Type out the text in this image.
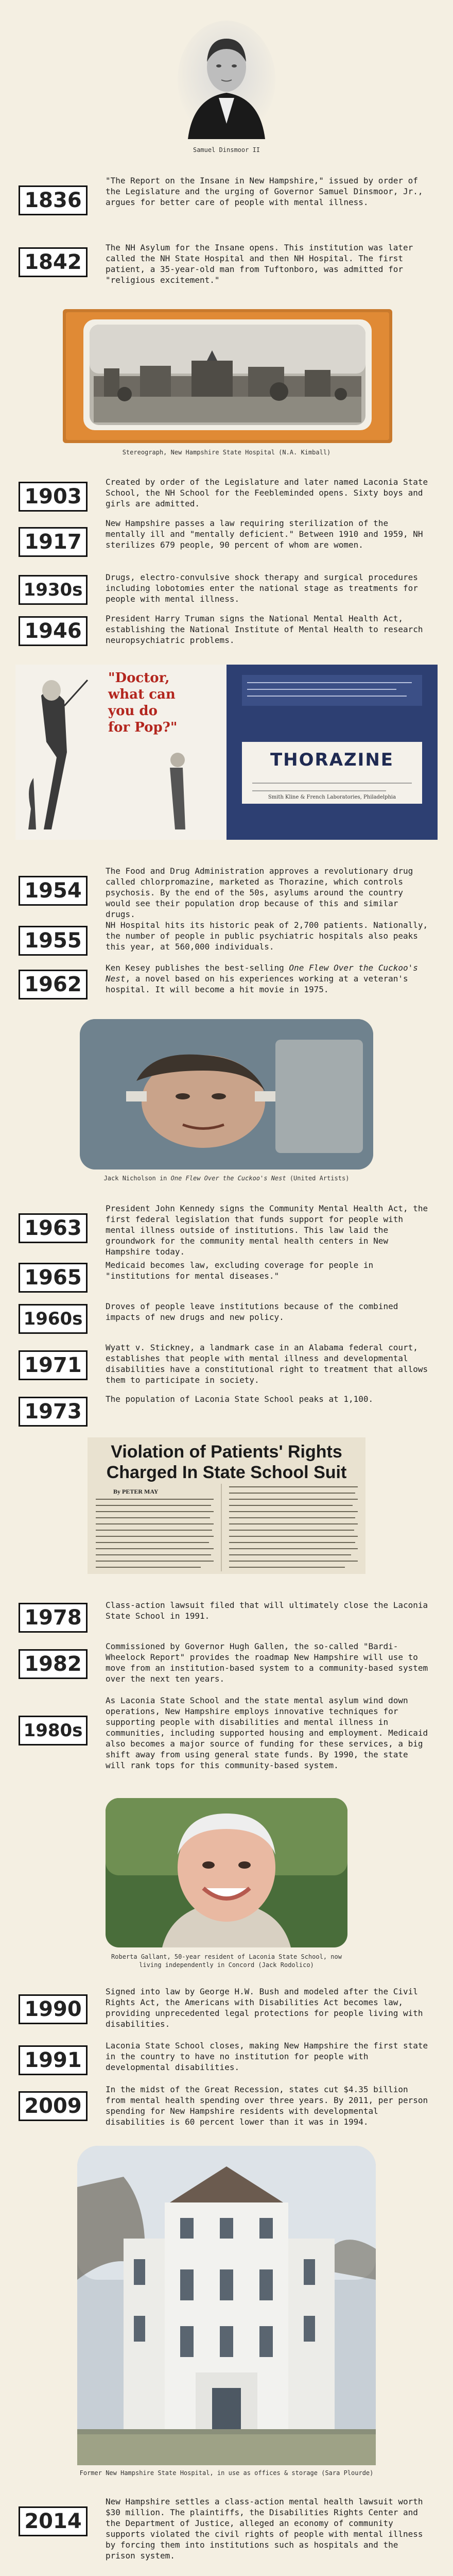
Samuel Dinsmoor II
1836
"The Report on the Insane in New Hampshire," issued by order of the Legislature and the urging of Governor Samuel Dinsmoor, Jr., argues for better care of people with mental illness.
1842
The NH Asylum for the Insane opens. This institution was later called the NH State Hospital and then NH Hospital. The first patient, a 35-year-old man from Tuftonboro, was admitted for "religious excitement."
Stereograph, New Hampshire State Hospital (N.A. Kimball)
1903
Created by order of the Legislature and later named Laconia State School, the NH School for the Feebleminded opens. Sixty boys and girls are admitted.
1917
New Hampshire passes a law requiring sterilization of the mentally ill and "mentally deficient." Between 1910 and 1959, NH sterilizes 679 people, 90 percent of whom are women.
1930s
Drugs, electro-convulsive shock therapy and surgical procedures including lobotomies enter the national stage as treatments for people with mental illness.
1946
President Harry Truman signs the National Mental Health Act, establishing the National Institute of Mental Health to research neuropsychiatric problems.
"Doctor,
what can
you do
for Pop?"
THORAZINE
Smith Kline & French Laboratories, Philadelphia
1954
The Food and Drug Administration approves a revolutionary drug called chlorpromazine, marketed as Thorazine, which controls psychosis. By the end of the 50s, asylums around the country would see their population drop because of this and similar drugs.
1955
NH Hospital hits its historic peak of 2,700 patients. Nationally, the number of people in public psychiatric hospitals also peaks this year, at 560,000 individuals.
1962
Ken Kesey publishes the best-selling One Flew Over the Cuckoo's Nest, a novel based on his experiences working at a veteran's hospital. It will become a hit movie in 1975.
Jack Nicholson in One Flew Over the Cuckoo's Nest (United Artists)
1963
President John Kennedy signs the Community Mental Health Act, the first federal legislation that funds support for people with mental illness outside of institutions. This law laid the groundwork for the community mental health centers in New Hampshire today.
1965
Medicaid becomes law, excluding coverage for people in "institutions for mental diseases."
1960s
Droves of people leave institutions because of the combined impacts of new drugs and new policy.
1971
Wyatt v. Stickney, a landmark case in an Alabama federal court, establishes that people with mental illness and developmental disabilities have a constitutional right to treatment that allows them to participate in society.
1973
The population of Laconia State School peaks at 1,100.
Violation of Patients' Rights
Charged In State School Suit
By PETER MAY
1978
Class-action lawsuit filed that will ultimately close the Laconia State School in 1991.
1982
Commissioned by Governor Hugh Gallen, the so-called "Bardi-Wheelock Report" provides the roadmap New Hampshire will use to move from an institution-based system to a community-based system over the next ten years.
1980s
As Laconia State School and the state mental asylum wind down operations, New Hampshire employs innovative techniques for supporting people with disabilities and mental illness in communities, including supported housing and employment. Medicaid also becomes a major source of funding for these services, a big shift away from using general state funds. By 1990, the state will rank tops for this community-based system.
Roberta Gallant, 50-year resident of Laconia State School, now living independently in Concord (Jack Rodolico)
1990
Signed into law by George H.W. Bush and modeled after the Civil Rights Act, the Americans with Disabilities Act becomes law, providing unprecedented legal protections for people living with disabilities.
1991
Laconia State School closes, making New Hampshire the first state in the country to have no institution for people with developmental disabilities.
2009
In the midst of the Great Recession, states cut $4.35 billion from mental health spending over three years. By 2011, per person spending for New Hampshire residents with developmental disabilities is 60 percent lower than it was in 1994.
Former New Hampshire State Hospital, in use as offices & storage (Sara Plourde)
2014
New Hampshire settles a class-action mental health lawsuit worth $30 million. The plaintiffs, the Disabilities Rights Center and the Department of Justice, alleged an economy of community supports violated the civil rights of people with mental illness by forcing them into institutions such as hospitals and the prison system.
